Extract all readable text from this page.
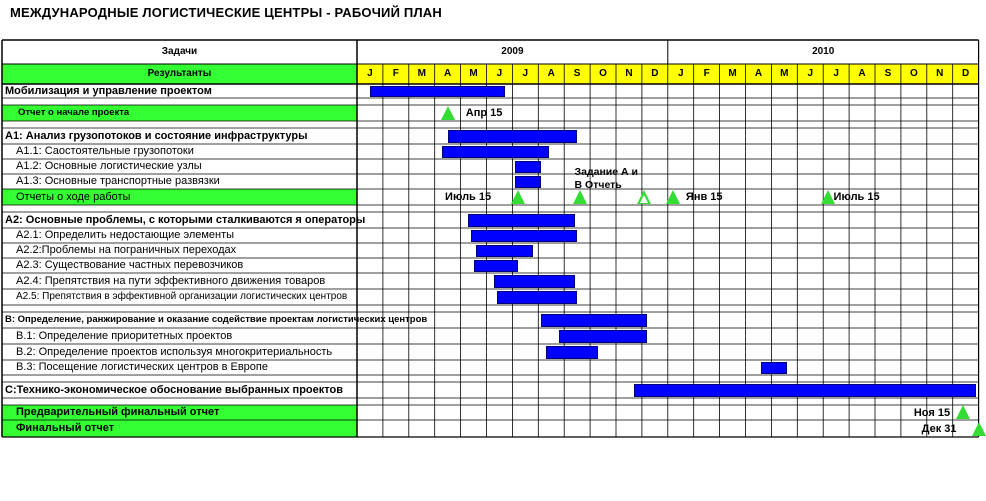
МЕЖДУНАРОДНЫЕ ЛОГИСТИЧЕСКИЕ ЦЕНТРЫ - РАБОЧИЙ ПЛАН
Задачи	2009	2010
Результанты	J	F	M	A	M	J	J	A	S	O	N	D	J	F	M	A	M	J	J	A	S	O	N	D
Мобилизация и управление проектом
Отчет о начале проекта
А1: Анализ грузопотоков и состояние инфраструктуры
А1.1: Саостоятельные грузопотоки
А1.2: Основные логистические узлы
А1.3: Основные транспортные развязки
Отчеты о ходе работы
А2: Основные проблемы, с которыми сталкиваются я операторы
А2.1: Определить недостающие элементы
А2.2:Проблемы на пограничных переходах
А2.3: Существование частных перевозчиков
А2.4: Препятствия на пути эффективного движения товаров
А2.5: Препятствия в эффективной организации логистических центров
В: Определение, ранжирование и оказание содействие проектам логистических центров
В.1: Определение приоритетных проектов
В.2: Определение проектов используя многокритериальность
В.3: Посещение логистических центров в Европе
С:Технико-экономическое обоснование выбранных проектов
Предварительный финальный отчет
Финальный отчет
Апр 15
Задание А и
В Отчеть
Июль 15	Янв 15	Июль 15
Ноя 15
Дек 31
